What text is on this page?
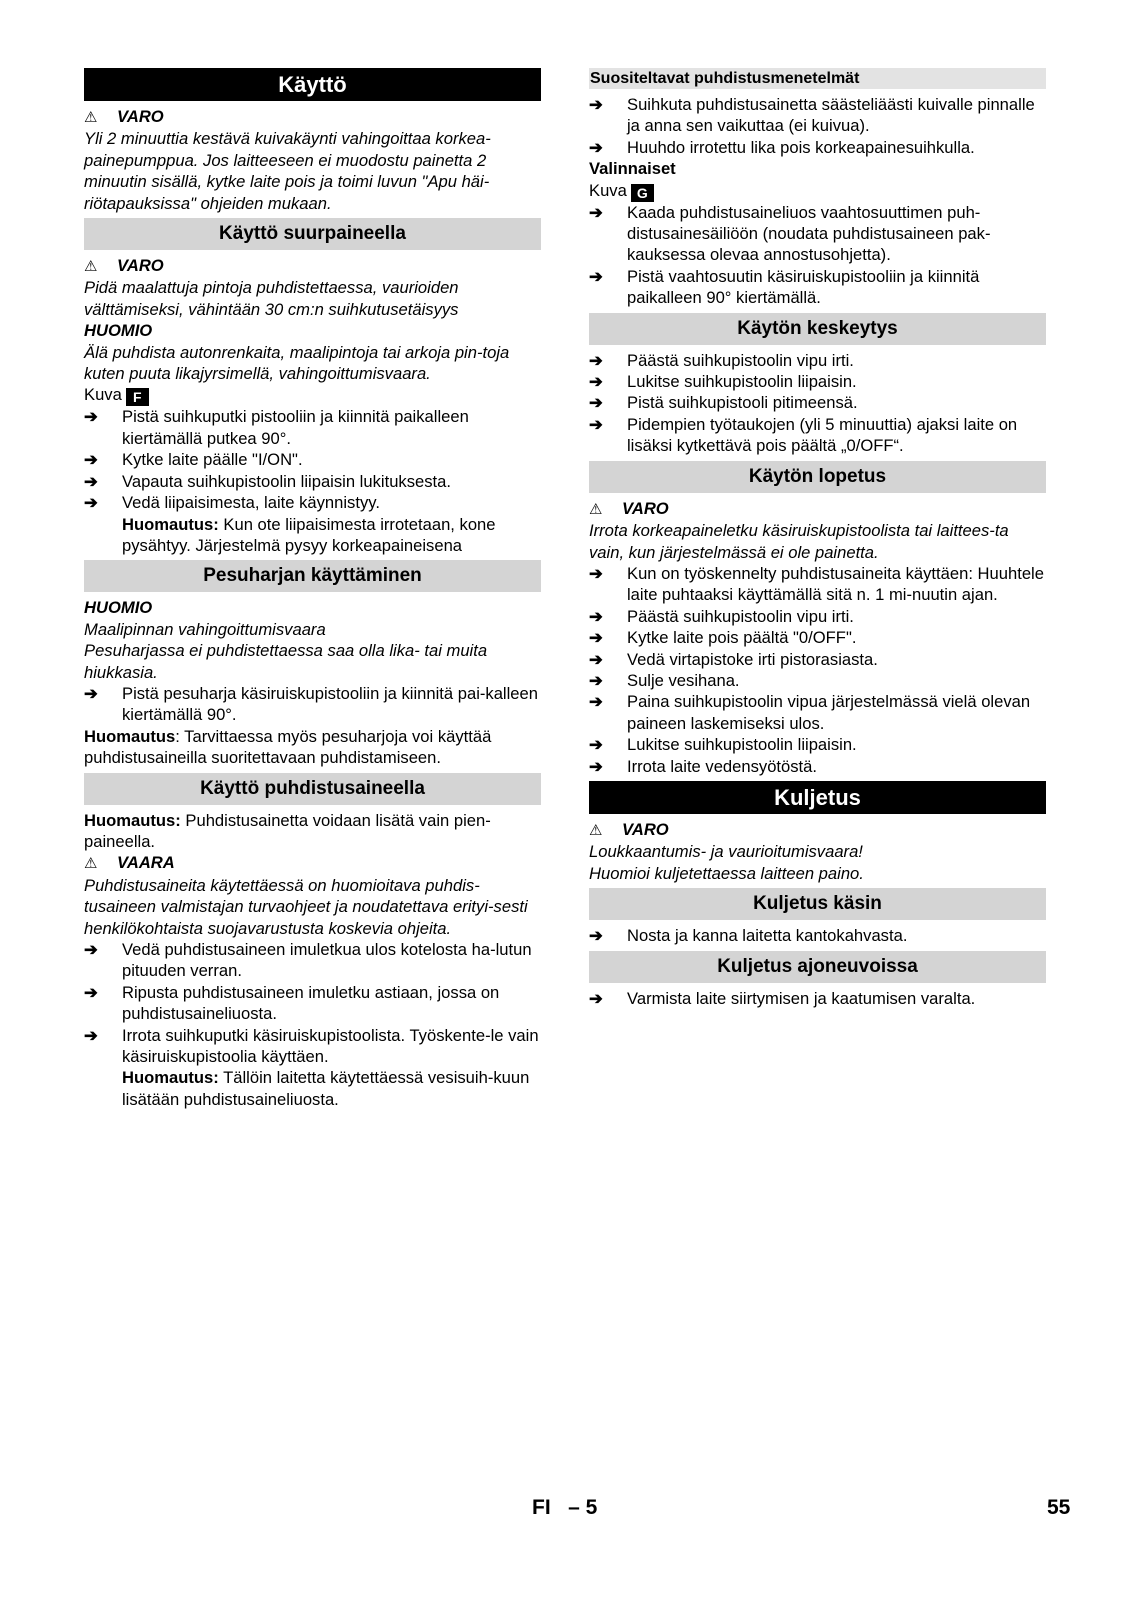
Käyttö
⚠ VARO
Yli 2 minuuttia kestävä kuivakäynti vahingoittaa korkea-painepumppua. Jos laitteeseen ei muodostu painetta 2 minuutin sisällä, kytke laite pois ja toimi luvun "Apu häi-riötapauksissa" ohjeiden mukaan.
Käyttö suurpaineella
⚠ VARO
Pidä maalattuja pintoja puhdistettaessa, vaurioiden välttämiseksi, vähintään 30 cm:n suihkutusetäisyys
HUOMIO
Älä puhdista autonrenkaita, maalipintoja tai arkoja pin-toja kuten puuta likajyrsimellä, vahingoittumisvaara.
Kuva F
➔ Pistä suihkuputki pistooliin ja kiinnitä paikalleen kiertämällä putkea 90°.
➔ Kytke laite päälle "I/ON".
➔ Vapauta suihkupistoolin liipaisin lukituksesta.
➔ Vedä liipaisimesta, laite käynnistyy.
Huomautus: Kun ote liipaisimesta irrotetaan, kone pysähtyy. Järjestelmä pysyy korkeapaineisena
Pesuharjan käyttäminen
HUOMIO
Maalipinnan vahingoittumisvaara
Pesuharjassa ei puhdistettaessa saa olla lika- tai muita hiukkasia.
➔ Pistä pesuharja käsiruiskupistooliin ja kiinnitä pai-kalleen kiertämällä 90°.
Huomautus: Tarvittaessa myös pesuharjoja voi käyttää puhdistusaineilla suoritettavaan puhdistamiseen.
Käyttö puhdistusaineella
Huomautus: Puhdistusainetta voidaan lisätä vain pien-paineella.
⚠ VAARA
Puhdistusaineita käytettäessä on huomioitava puhdis-tusaineen valmistajan turvaohjeet ja noudatettava erityi-sesti henkilökohtaista suojavarustusta koskevia ohjeita.
➔ Vedä puhdistusaineen imuletkua ulos kotelosta ha-lutun pituuden verran.
➔ Ripusta puhdistusaineen imuletku astiaan, jossa on puhdistusaineliuosta.
➔ Irrota suihkuputki käsiruiskupistoolista. Työskente-le vain käsiruiskupistoolia käyttäen.
Huomautus: Tällöin laitetta käytettäessä vesisuih-kuun lisätään puhdistusaineliuosta.
Suositeltavat puhdistusmenetelmät
➔ Suihkuta puhdistusainetta säästeliäästi kuivalle pinnalle ja anna sen vaikuttaa (ei kuivua).
➔ Huuhdo irrotettu lika pois korkeapainesuihkulla.
Valinnaiset
Kuva G
➔ Kaada puhdistusaineliuos vaahtosuuttimen puh-distusainesäiliöön (noudata puhdistusaineen pak-kauksessa olevaa annostusohjetta).
➔ Pistä vaahtosuutin käsiruiskupistooliin ja kiinnitä paikalleen 90° kiertämällä.
Käytön keskeytys
➔ Päästä suihkupistoolin vipu irti.
➔ Lukitse suihkupistoolin liipaisin.
➔ Pistä suihkupistooli pitimeensä.
➔ Pidempien työtaukojen (yli 5 minuuttia) ajaksi laite on lisäksi kytkettävä pois päältä „0/OFF“.
Käytön lopetus
⚠ VARO
Irrota korkeapaineletku käsiruiskupistoolista tai laittees-ta vain, kun järjestelmässä ei ole painetta.
➔ Kun on työskennelty puhdistusaineita käyttäen: Huuhtele laite puhtaaksi käyttämällä sitä n. 1 mi-nuutin ajan.
➔ Päästä suihkupistoolin vipu irti.
➔ Kytke laite pois päältä "0/OFF".
➔ Vedä virtapistoke irti pistorasiasta.
➔ Sulje vesihana.
➔ Paina suihkupistoolin vipua järjestelmässä vielä olevan paineen laskemiseksi ulos.
➔ Lukitse suihkupistoolin liipaisin.
➔ Irrota laite vedensyötöstä.
Kuljetus
⚠ VARO
Loukkaantumis- ja vaurioitumisvaara!
Huomioi kuljetettaessa laitteen paino.
Kuljetus käsin
➔ Nosta ja kanna laitetta kantokahvasta.
Kuljetus ajoneuvoissa
➔ Varmista laite siirtymisen ja kaatumisen varalta.
FI   – 5	55
